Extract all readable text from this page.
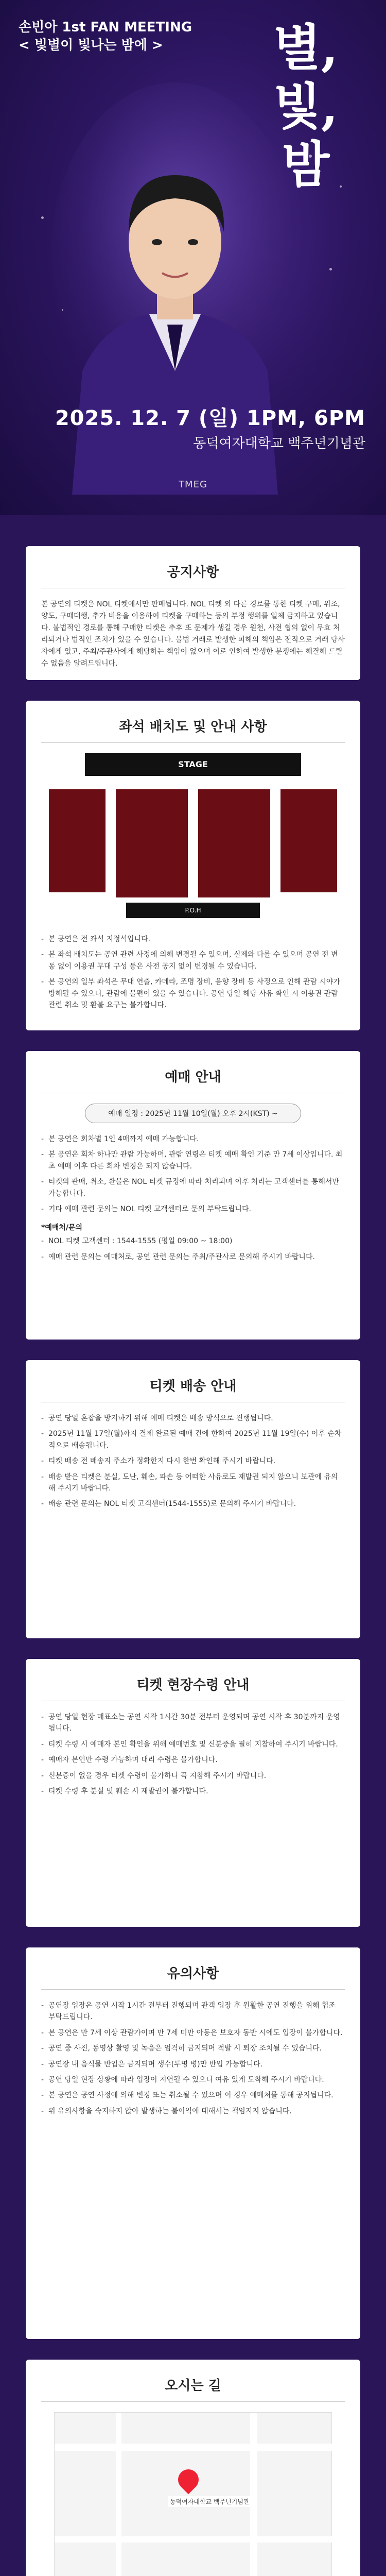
손빈아 1st FAN MEETING
< 빛별이 빛나는 밤에 >	별,
빛,
밤
2025. 12. 7 (일) 1PM, 6PM
동덕여자대학교 백주년기념관
TMEG
공지사항
본 공연의 티켓은 NOL 티켓에서만 판매됩니다. NOL 티켓 외 다른 경로를 통한 티켓 구매, 위조, 양도, 구매대행, 추가 비용을 이용하여 티켓을 구매하는 등의 부정 행위를 일체 금지하고 있습니다. 불법적인 경로를 통해 구매한 티켓은 추후 또 문제가 생길 경우 원천, 사전 협의 없이 무효 처리되거나 법적인 조치가 있을 수 있습니다. 불법 거래로 발생한 피해의 책임은 전적으로 거래 당사자에게 있고, 주최/주관사에게 해당하는 책임이 없으며 이로 인하여 발생한 분쟁에는 해결해 드릴 수 없음을 알려드립니다.
좌석 배치도 및 안내 사항
STAGE
P.O.H
- 본 공연은 전 좌석 지정석입니다.
- 본 좌석 배치도는 공연 관련 사정에 의해 변경될 수 있으며, 실제와 다를 수 있으며 공연 전 변동 없이 이용권 무대 구성 등은 사전 공지 없이 변경될 수 있습니다.
- 본 공연의 일부 좌석은 무대 연출, 카메라, 조명 장비, 음향 장비 등 사정으로 인해 관람 시야가 방해될 수 있으니, 관람에 불편이 있을 수 있습니다. 공연 당일 해당 사유 확인 시 이용권 관람 관련 취소 및 환불 요구는 불가합니다.
예매 안내
예매 일정 : 2025년 11월 10일(월) 오후 2시(KST) ~
- 본 공연은 회차별 1인 4매까지 예매 가능합니다.
- 본 공연은 회차 하나만 관람 가능하며, 관람 연령은 티켓 예매 확인 기준 만 7세 이상입니다. 최초 예매 이후 다른 회차 변경은 되지 않습니다.
- 티켓의 판매, 취소, 환불은 NOL 티켓 규정에 따라 처리되며 이후 처리는 고객센터를 통해서만 가능합니다.
- 기타 예매 관련 문의는 NOL 티켓 고객센터로 문의 부탁드립니다.
*예매처/문의
- NOL 티켓 고객센터 : 1544-1555 (평일 09:00 ~ 18:00)
- 예매 관련 문의는 예매처로, 공연 관련 문의는 주최/주관사로 문의해 주시기 바랍니다.
티켓 배송 안내
- 공연 당일 혼잡을 방지하기 위해 예매 티켓은 배송 방식으로 진행됩니다.
- 2025년 11월 17일(월)까지 결제 완료된 예매 건에 한하여 2025년 11월 19일(수) 이후 순차적으로 배송됩니다.
- 티켓 배송 전 배송지 주소가 정확한지 다시 한번 확인해 주시기 바랍니다.
- 배송 받은 티켓은 분실, 도난, 훼손, 파손 등 어떠한 사유로도 재발권 되지 않으니 보관에 유의해 주시기 바랍니다.
- 배송 관련 문의는 NOL 티켓 고객센터(1544-1555)로 문의해 주시기 바랍니다.
티켓 현장수령 안내
- 공연 당일 현장 매표소는 공연 시작 1시간 30분 전부터 운영되며 공연 시작 후 30분까지 운영됩니다.
- 티켓 수령 시 예매자 본인 확인을 위해 예매번호 및 신분증을 필히 지참하여 주시기 바랍니다.
- 예매자 본인만 수령 가능하며 대리 수령은 불가합니다.
- 신분증이 없을 경우 티켓 수령이 불가하니 꼭 지참해 주시기 바랍니다.
- 티켓 수령 후 분실 및 훼손 시 재발권이 불가합니다.
유의사항
- 공연장 입장은 공연 시작 1시간 전부터 진행되며 관객 입장 후 원활한 공연 진행을 위해 협조 부탁드립니다.
- 본 공연은 만 7세 이상 관람가이며 만 7세 미만 아동은 보호자 동반 시에도 입장이 불가합니다.
- 공연 중 사진, 동영상 촬영 및 녹음은 엄격히 금지되며 적발 시 퇴장 조치될 수 있습니다.
- 공연장 내 음식물 반입은 금지되며 생수(투명 병)만 반입 가능합니다.
- 공연 당일 현장 상황에 따라 입장이 지연될 수 있으니 여유 있게 도착해 주시기 바랍니다.
- 본 공연은 공연 사정에 의해 변경 또는 취소될 수 있으며 이 경우 예매처를 통해 공지됩니다.
- 위 유의사항을 숙지하지 않아 발생하는 불이익에 대해서는 책임지지 않습니다.
오시는 길
동덕여자대학교 백주년기념관
